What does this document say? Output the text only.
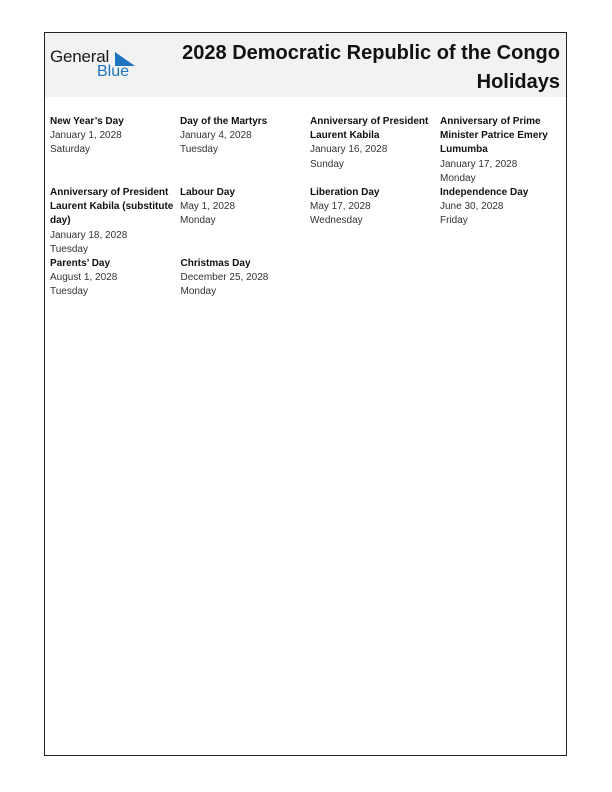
General
Blue
2028 Democratic Republic of the Congo Holidays
New Year’s Day
January 1, 2028
Saturday
Day of the Martyrs
January 4, 2028
Tuesday
Anniversary of President Laurent Kabila
January 16, 2028
Sunday
Anniversary of Prime Minister Patrice Emery Lumumba
January 17, 2028
Monday
Anniversary of President Laurent Kabila (substitute day)
January 18, 2028
Tuesday
Labour Day
May 1, 2028
Monday
Liberation Day
May 17, 2028
Wednesday
Independence Day
June 30, 2028
Friday
Parents’ Day
August 1, 2028
Tuesday
Christmas Day
December 25, 2028
Monday
